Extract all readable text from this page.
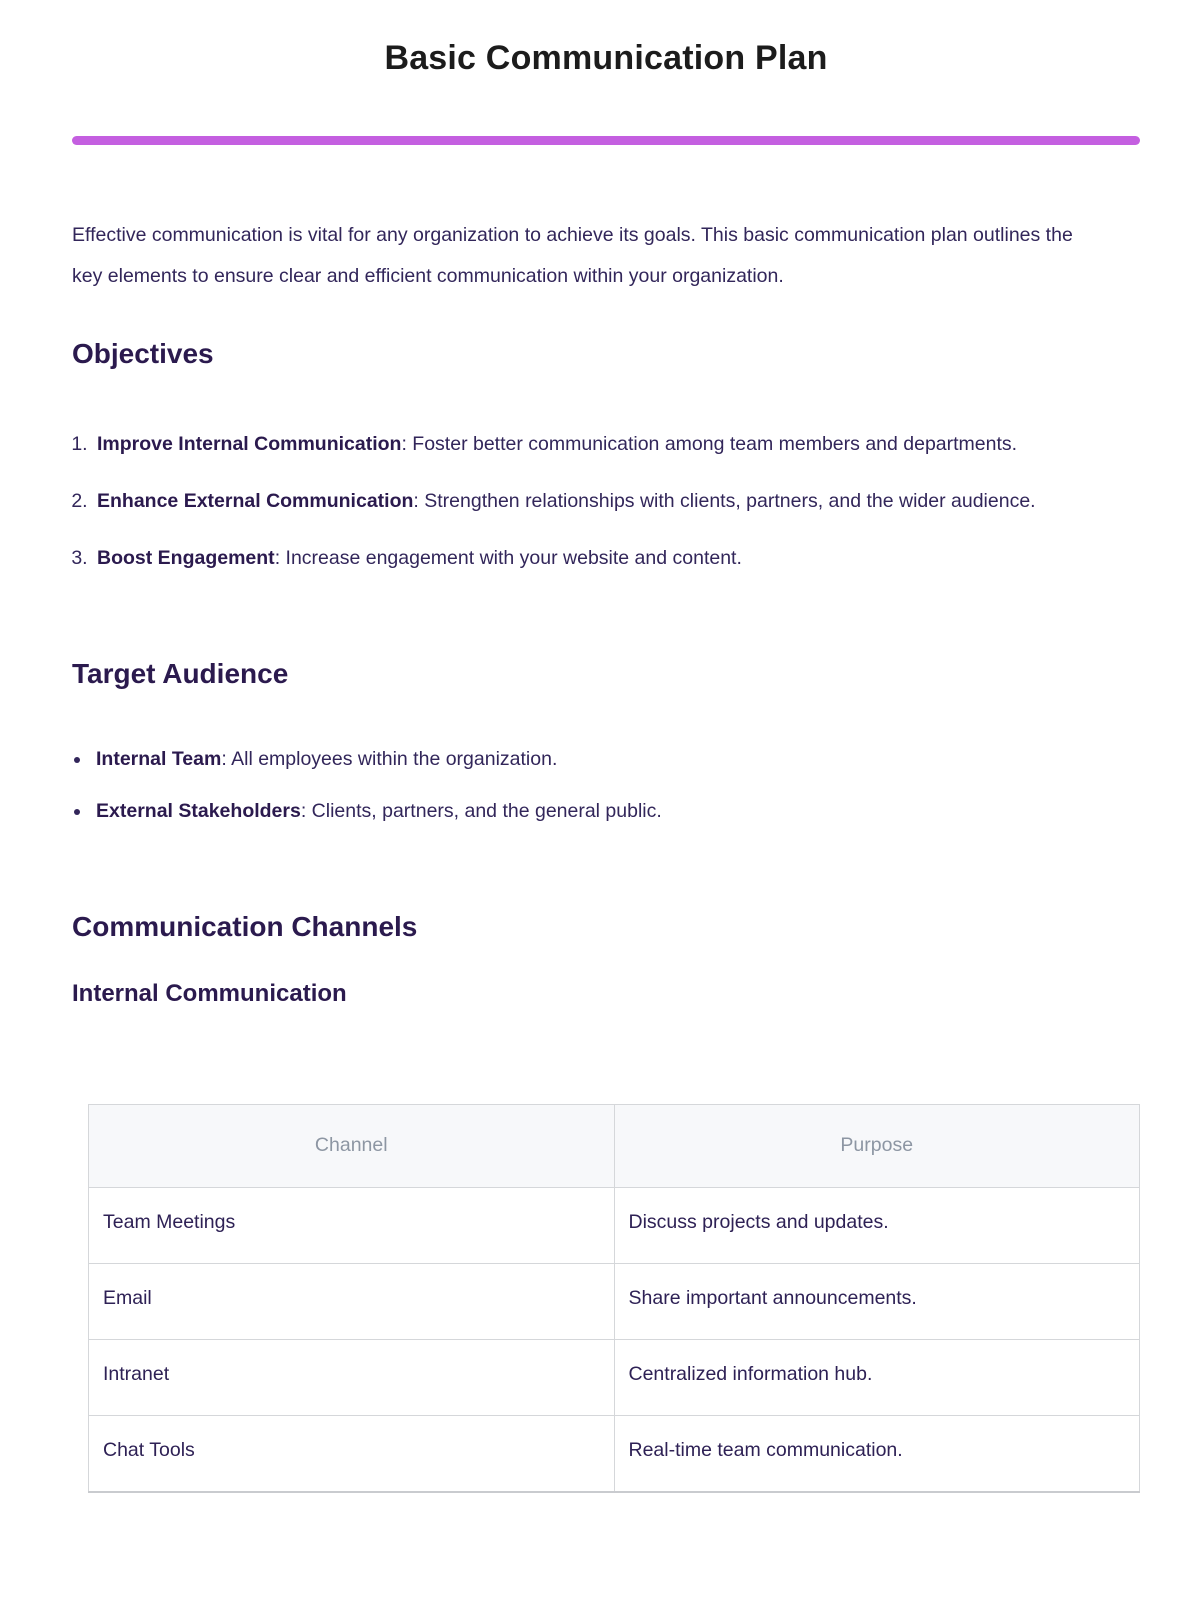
Basic Communication Plan

Effective communication is vital for any organization to achieve its goals. This basic communication plan outlines the key elements to ensure clear and efficient communication within your organization.

Objectives
1. Improve Internal Communication: Foster better communication among team members and departments.
2. Enhance External Communication: Strengthen relationships with clients, partners, and the wider audience.
3. Boost Engagement: Increase engagement with your website and content.
Target Audience
• Internal Team: All employees within the organization.
• External Stakeholders: Clients, partners, and the general public.
Communication Channels
Internal Communication
Channel	Purpose
Team Meetings	Discuss projects and updates.
Email	Share important announcements.
Intranet	Centralized information hub.
Chat Tools	Real-time team communication.
